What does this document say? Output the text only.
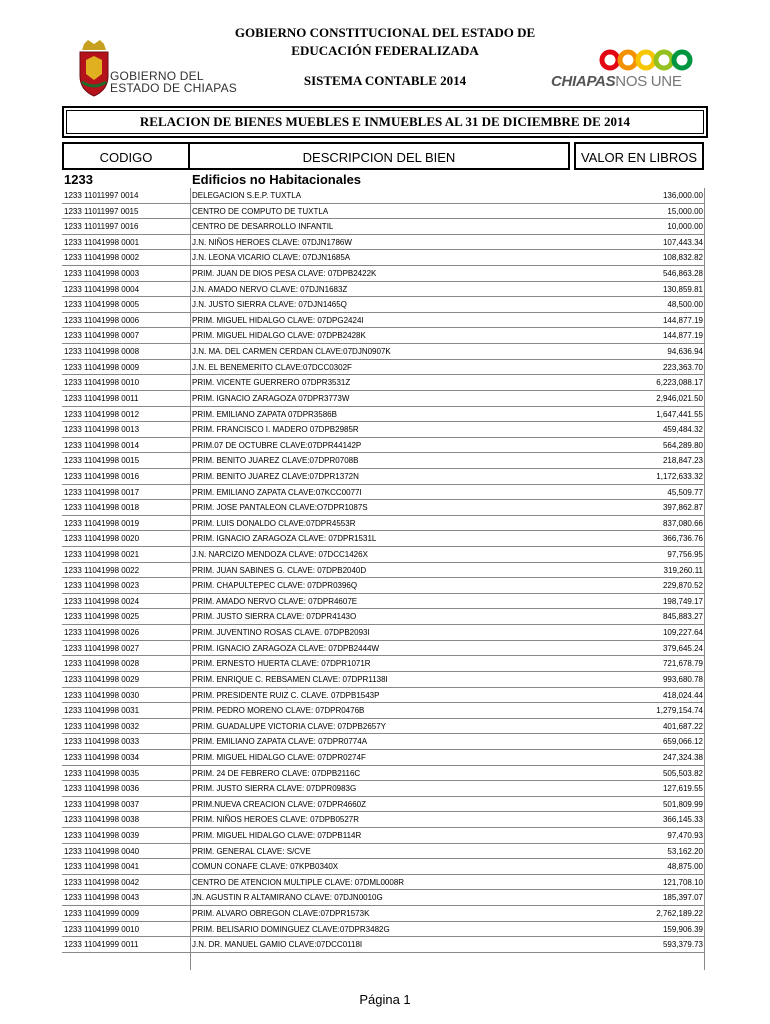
GOBIERNO DEL
ESTADO DE CHIAPAS
GOBIERNO CONSTITUCIONAL DEL ESTADO DE
EDUCACIÓN FEDERALIZADA
SISTEMA CONTABLE 2014	CHIAPASNOS UNE
RELACION DE BIENES MUEBLES E INMUEBLES AL 31 DE DICIEMBRE DE 2014
CODIGO	DESCRIPCION DEL BIEN	VALOR EN LIBROS
1233	Edificios no Habitacionales
1233 11011997 0014	DELEGACION S.E.P. TUXTLA	136,000.00
1233 11011997 0015	CENTRO DE COMPUTO DE TUXTLA	15,000.00
1233 11011997 0016	CENTRO DE DESARROLLO INFANTIL	10,000.00
1233 11041998 0001	J.N. NIÑOS HEROES CLAVE: 07DJN1786W	107,443.34
1233 11041998 0002	J.N. LEONA VICARIO CLAVE: 07DJN1685A	108,832.82
1233 11041998 0003	PRIM. JUAN DE DIOS PESA CLAVE: 07DPB2422K	546,863.28
1233 11041998 0004	J.N. AMADO NERVO CLAVE: 07DJN1683Z	130,859.81
1233 11041998 0005	J.N. JUSTO SIERRA CLAVE: 07DJN1465Q	48,500.00
1233 11041998 0006	PRIM. MIGUEL HIDALGO CLAVE: 07DPG2424I	144,877.19
1233 11041998 0007	PRIM. MIGUEL HIDALGO CLAVE: 07DPB2428K	144,877.19
1233 11041998 0008	J.N. MA. DEL CARMEN CERDAN CLAVE:07DJN0907K	94,636.94
1233 11041998 0009	J.N. EL BENEMERITO CLAVE:07DCC0302F	223,363.70
1233 11041998 0010	PRIM. VICENTE GUERRERO 07DPR3531Z	6,223,088.17
1233 11041998 0011	PRIM. IGNACIO ZARAGOZA 07DPR3773W	2,946,021.50
1233 11041998 0012	PRIM. EMILIANO ZAPATA 07DPR3586B	1,647,441.55
1233 11041998 0013	PRIM. FRANCISCO I. MADERO 07DPB2985R	459,484.32
1233 11041998 0014	PRIM.07 DE OCTUBRE CLAVE:07DPR44142P	564,289.80
1233 11041998 0015	PRIM. BENITO JUAREZ CLAVE:07DPR0708B	218,847.23
1233 11041998 0016	PRIM. BENITO JUAREZ CLAVE:07DPR1372N	1,172,633.32
1233 11041998 0017	PRIM. EMILIANO ZAPATA CLAVE:07KCC0077I	45,509.77
1233 11041998 0018	PRIM. JOSE PANTALEON CLAVE:O7DPR1087S	397,862.87
1233 11041998 0019	PRIM. LUIS DONALDO CLAVE:07DPR4553R	837,080.66
1233 11041998 0020	PRIM. IGNACIO ZARAGOZA CLAVE: 07DPR1531L	366,736.76
1233 11041998 0021	J.N. NARCIZO MENDOZA CLAVE: 07DCC1426X	97,756.95
1233 11041998 0022	PRIM. JUAN SABINES G. CLAVE: 07DPB2040D	319,260.11
1233 11041998 0023	PRIM. CHAPULTEPEC CLAVE: 07DPR0396Q	229,870.52
1233 11041998 0024	PRIM. AMADO NERVO CLAVE: 07DPR4607E	198,749.17
1233 11041998 0025	PRIM. JUSTO SIERRA CLAVE: 07DPR4143O	845,883.27
1233 11041998 0026	PRIM. JUVENTINO ROSAS CLAVE. 07DPB2093I	109,227.64
1233 11041998 0027	PRIM. IGNACIO ZARAGOZA CLAVE: 07DPB2444W	379,645.24
1233 11041998 0028	PRIM. ERNESTO HUERTA CLAVE: 07DPR1071R	721,678.79
1233 11041998 0029	PRIM. ENRIQUE C. REBSAMEN CLAVE: 07DPR1138I	993,680.78
1233 11041998 0030	PRIM. PRESIDENTE RUIZ C. CLAVE. 07DPB1543P	418,024.44
1233 11041998 0031	PRIM. PEDRO MORENO CLAVE: 07DPR0476B	1,279,154.74
1233 11041998 0032	PRIM. GUADALUPE VICTORIA CLAVE: 07DPB2657Y	401,687.22
1233 11041998 0033	PRIM. EMILIANO ZAPATA CLAVE: 07DPR0774A	659,066.12
1233 11041998 0034	PRIM. MIGUEL HIDALGO CLAVE: 07DPR0274F	247,324.38
1233 11041998 0035	PRIM. 24 DE FEBRERO CLAVE: 07DPB2116C	505,503.82
1233 11041998 0036	PRIM. JUSTO SIERRA CLAVE: 07DPR0983G	127,619.55
1233 11041998 0037	PRIM.NUEVA CREACION CLAVE: 07DPR4660Z	501,809.99
1233 11041998 0038	PRIM. NIÑOS HEROES CLAVE: 07DPB0527R	366,145.33
1233 11041998 0039	PRIM. MIGUEL HIDALGO CLAVE: 07DPB114R	97,470.93
1233 11041998 0040	PRIM. GENERAL CLAVE: S/CVE	53,162.20
1233 11041998 0041	COMUN CONAFE CLAVE: 07KPB0340X	48,875.00
1233 11041998 0042	CENTRO DE ATENCION MULTIPLE CLAVE: 07DML0008R	121,708.10
1233 11041998 0043	JN. AGUSTIN R ALTAMIRANO CLAVE: 07DJN0010G	185,397.07
1233 11041999 0009	PRIM. ALVARO OBREGON CLAVE:07DPR1573K	2,762,189.22
1233 11041999 0010	PRIM. BELISARIO DOMINGUEZ CLAVE:07DPR3482G	159,906.39
1233 11041999 0011	J.N. DR. MANUEL GAMIO CLAVE:07DCC0118I	593,379.73
Página 1
